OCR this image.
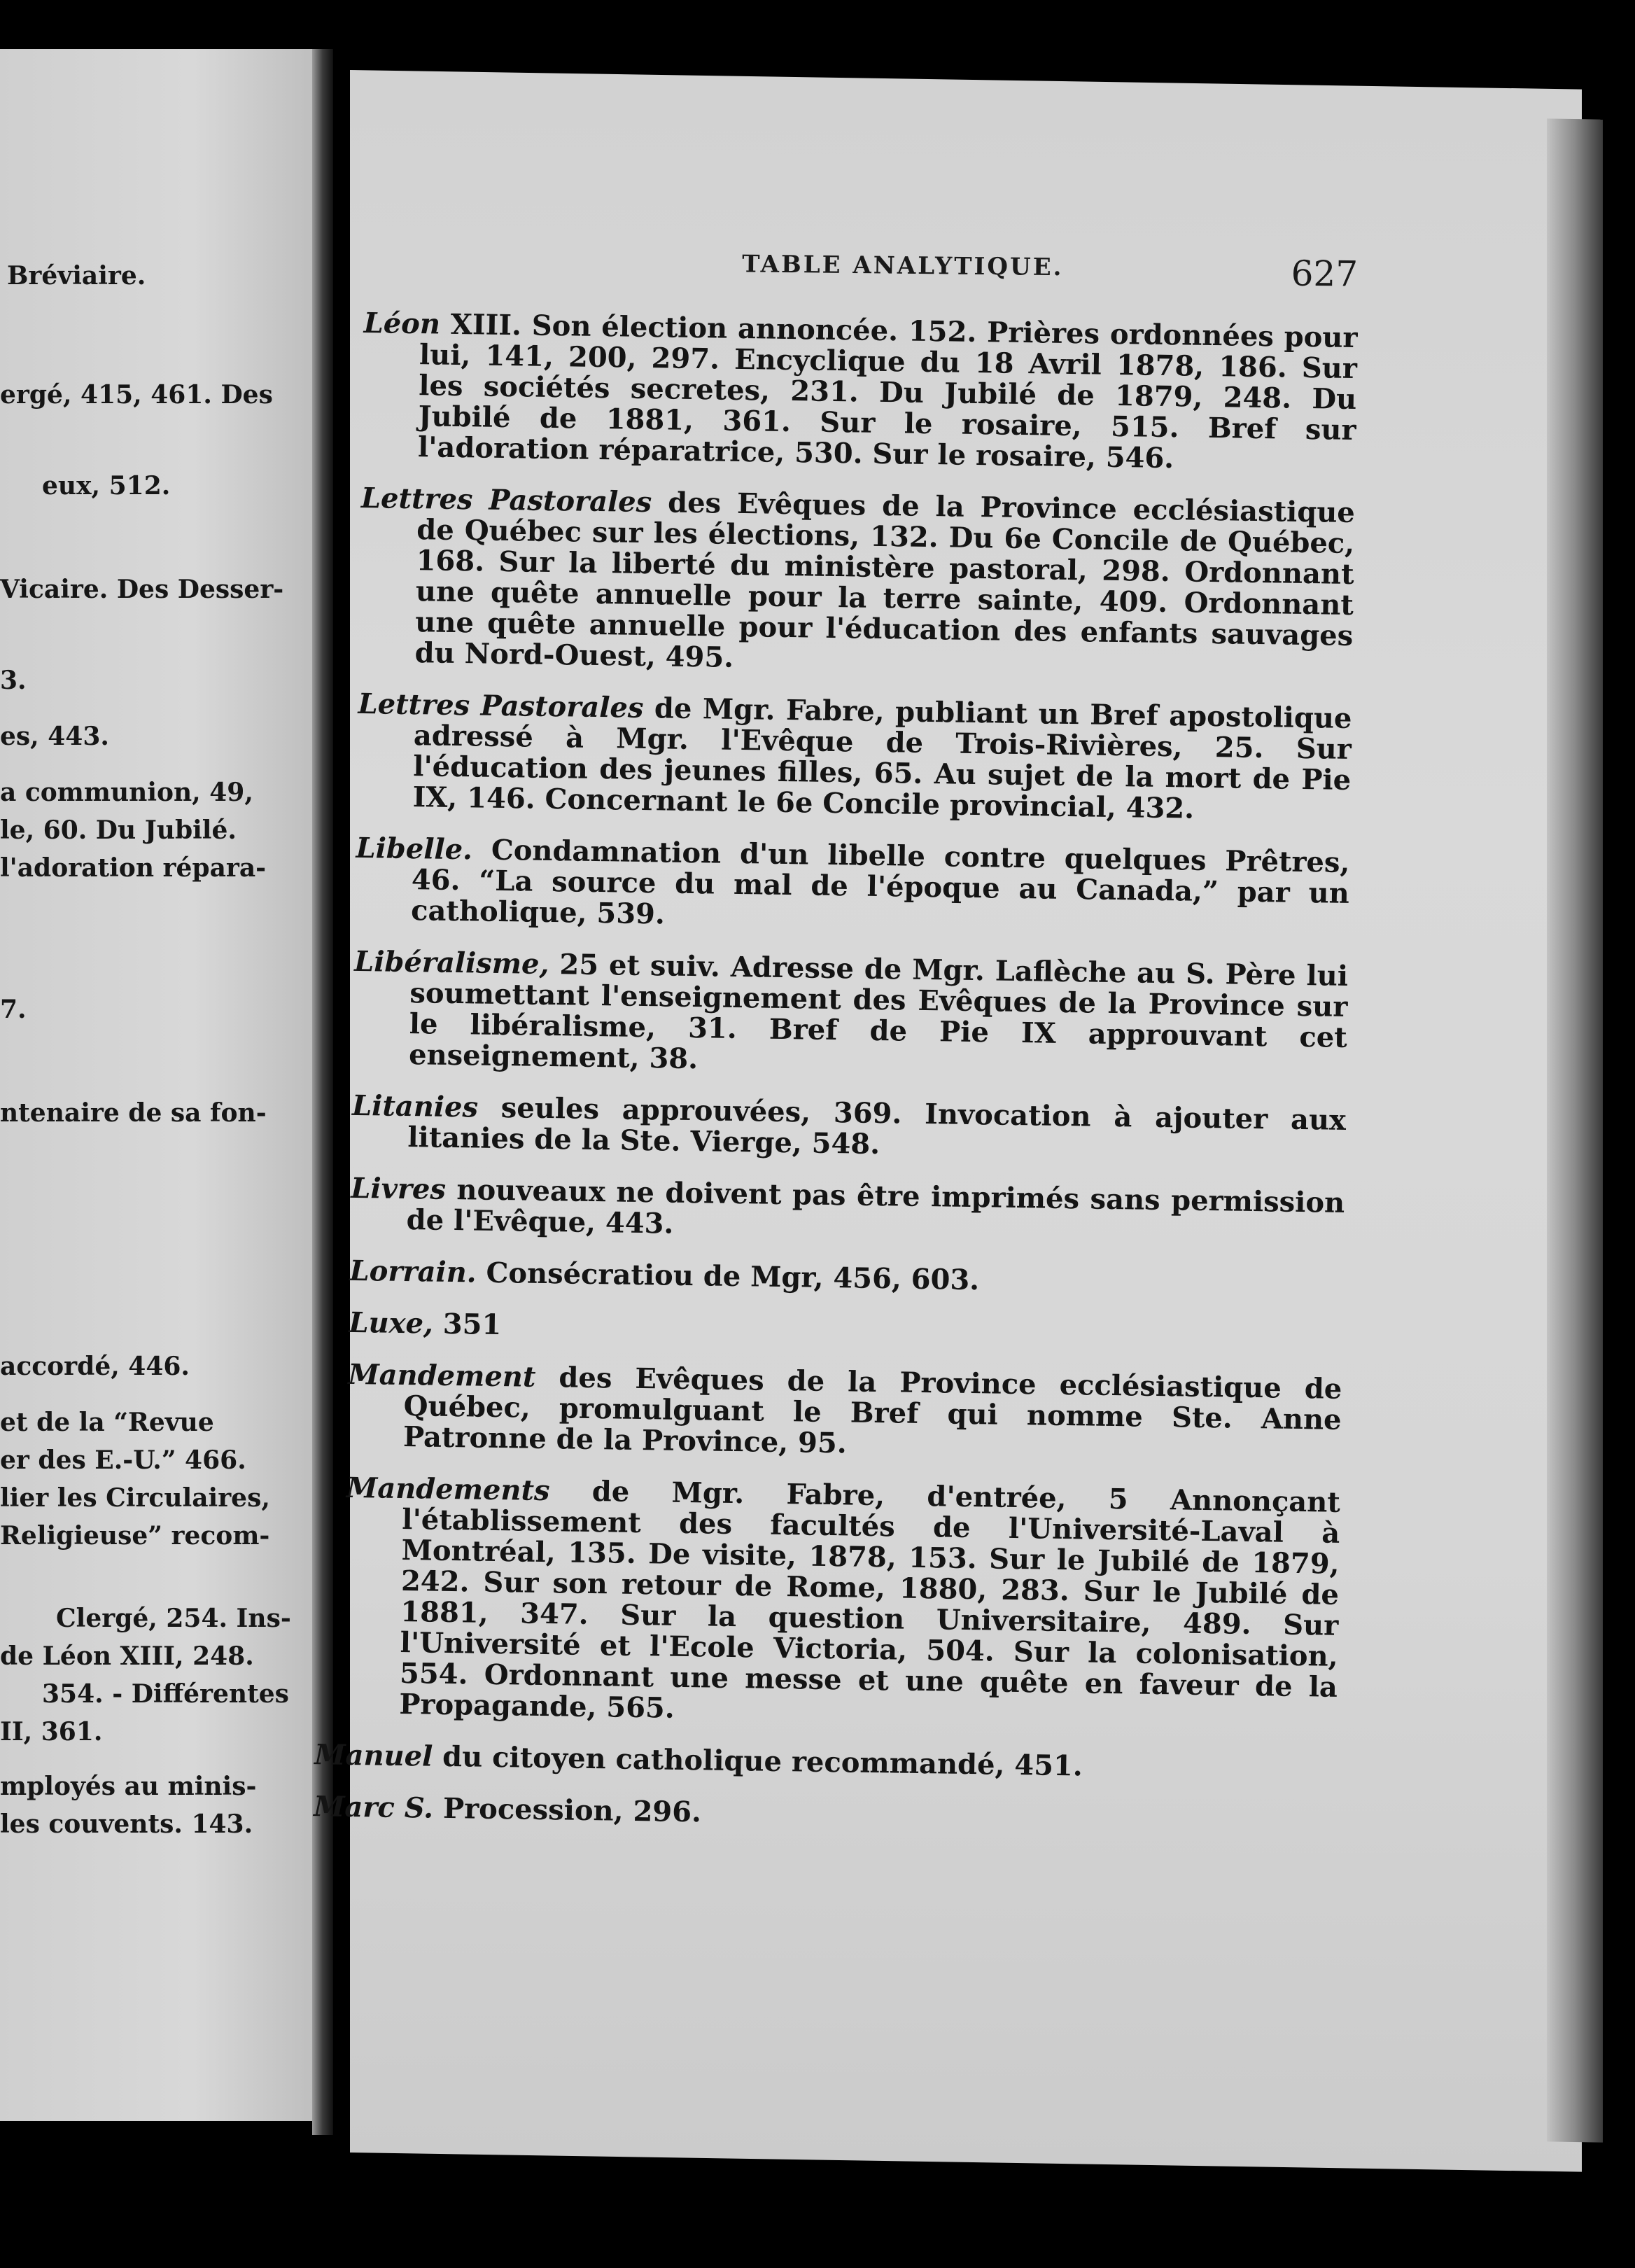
Bréviaire.
ergé, 415, 461. Des
eux, 512.
Vicaire. Des Desser-
3.
es, 443.
a communion, 49,
le, 60. Du Jubilé.
l'adoration répara-
7.
ntenaire de sa fon-
accordé, 446.
et de la “Revue
er des E.-U.” 466.
lier les Circulaires,
Religieuse” recom-
Clergé, 254. Ins-
de Léon XIII, 248.
354. - Différentes
II, 361.
mployés au minis-
les couvents. 143.
TABLE ANALYTIQUE.	627
Léon XIII. Son élection annoncée. 152. Prières ordonnées pour lui, 141, 200, 297. Encyclique du 18 Avril 1878, 186. Sur les sociétés secretes, 231. Du Jubilé de 1879, 248. Du Jubilé de 1881, 361. Sur le rosaire, 515. Bref sur l'adoration réparatrice, 530. Sur le rosaire, 546.
Lettres Pastorales des Evêques de la Province ecclésiastique de Québec sur les élections, 132. Du 6e Concile de Québec, 168. Sur la liberté du ministère pastoral, 298. Ordonnant une quête annuelle pour la terre sainte, 409. Ordonnant une quête annuelle pour l'éducation des enfants sauvages du Nord-Ouest, 495.
Lettres Pastorales de Mgr. Fabre, publiant un Bref apostolique adressé à Mgr. l'Evêque de Trois-Rivières, 25. Sur l'éducation des jeunes filles, 65. Au sujet de la mort de Pie IX, 146. Concernant le 6e Concile provincial, 432.
Libelle. Condamnation d'un libelle contre quelques Prêtres, 46. “La source du mal de l'époque au Canada,” par un catholique, 539.
Libéralisme, 25 et suiv. Adresse de Mgr. Laflèche au S. Père lui soumettant l'enseignement des Evêques de la Province sur le libéralisme, 31. Bref de Pie IX approuvant cet enseignement, 38.
Litanies seules approuvées, 369. Invocation à ajouter aux litanies de la Ste. Vierge, 548.
Livres nouveaux ne doivent pas être imprimés sans permission de l'Evêque, 443.
Lorrain. Consécratiou de Mgr, 456, 603.
Luxe, 351
Mandement des Evêques de la Province ecclésiastique de Québec, promulguant le Bref qui nomme Ste. Anne Patronne de la Province, 95.
Mandements de Mgr. Fabre, d'entrée, 5 Annonçant l'établissement des facultés de l'Université-Laval à Montréal, 135. De visite, 1878, 153. Sur le Jubilé de 1879, 242. Sur son retour de Rome, 1880, 283. Sur le Jubilé de 1881, 347. Sur la question Universitaire, 489. Sur l'Université et l'Ecole Victoria, 504. Sur la colonisation, 554. Ordonnant une messe et une quête en faveur de la Propagande, 565.
Manuel du citoyen catholique recommandé, 451.
Marc S. Procession, 296.
